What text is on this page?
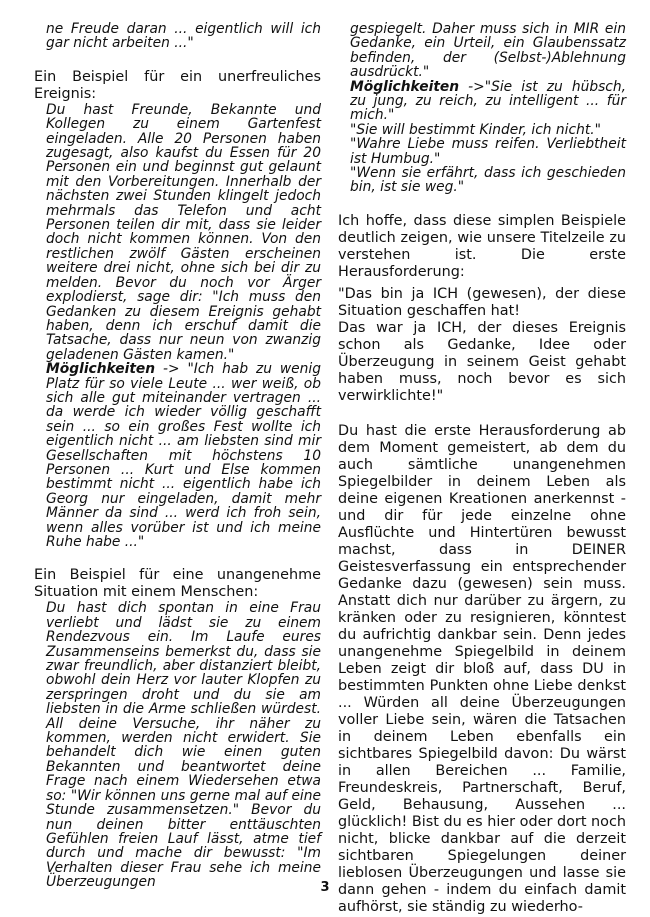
ne Freude daran ... eigentlich will ich gar nicht arbeiten ..."

Ein Beispiel für ein unerfreuliches Ereignis:

Du hast Freunde, Bekannte und Kollegen zu einem Gartenfest eingeladen. Alle 20 Personen haben zugesagt, also kaufst du Essen für 20 Personen ein und beginnst gut gelaunt mit den Vorbereitungen. Innerhalb der nächsten zwei Stunden klingelt jedoch mehrmals das Telefon und acht Personen teilen dir mit, dass sie leider doch nicht kommen können. Von den restlichen zwölf Gästen erscheinen weitere drei nicht, ohne sich bei dir zu melden. Bevor du noch vor Ärger explodierst, sage dir: "Ich muss den Gedanken zu diesem Ereignis gehabt haben, denn ich erschuf damit die Tatsache, dass nur neun von zwanzig geladenen Gästen kamen."

Möglichkeiten -> "Ich hab zu wenig Platz für so viele Leute ... wer weiß, ob sich alle gut miteinander vertragen ... da werde ich wieder völlig geschafft sein ... so ein großes Fest wollte ich eigentlich nicht ... am liebsten sind mir Gesellschaften mit höchstens 10 Personen ... Kurt und Else kommen bestimmt nicht ... eigentlich habe ich Georg nur eingeladen, damit mehr Männer da sind ... werd ich froh sein, wenn alles vorüber ist und ich meine Ruhe habe ..."

Ein Beispiel für eine unangenehme Situation mit einem Menschen:

Du hast dich spontan in eine Frau verliebt und lädst sie zu einem Rendezvous ein. Im Laufe eures Zusammenseins bemerkst du, dass sie zwar freundlich, aber distanziert bleibt, obwohl dein Herz vor lauter Klopfen zu zerspringen droht und du sie am liebsten in die Arme schließen würdest. All deine Versuche, ihr näher zu kommen, werden nicht erwidert. Sie behandelt dich wie einen guten Bekannten und beantwortet deine Frage nach einem Wiedersehen etwa so: "Wir können uns gerne mal auf eine Stunde zusammensetzen." Bevor du nun deinen bitter enttäuschten Gefühlen freien Lauf lässt, atme tief durch und mache dir bewusst: "Im Verhalten dieser Frau sehe ich meine Überzeugungen

gespiegelt. Daher muss sich in MIR ein Gedanke, ein Urteil, ein Glaubenssatz befinden, der (Selbst-)Ablehnung ausdrückt."

Möglichkeiten ->"Sie ist zu hübsch, zu jung, zu reich, zu intelligent ... für mich."

"Sie will bestimmt Kinder, ich nicht."

"Wahre Liebe muss reifen. Verliebtheit ist Humbug."

"Wenn sie erfährt, dass ich geschieden bin, ist sie weg."

Ich hoffe, dass diese simplen Beispiele deutlich zeigen, wie unsere Titelzeile zu verstehen ist. Die erste Herausforderung:

"Das bin ja ICH (gewesen), der diese Situation geschaffen hat!

Das war ja ICH, der dieses Ereignis schon als Gedanke, Idee oder Überzeugung in seinem Geist gehabt haben muss, noch bevor es sich verwirklichte!"

Du hast die erste Herausforderung ab dem Moment gemeistert, ab dem du auch sämtliche unangenehmen Spiegelbilder in deinem Leben als deine eigenen Kreationen anerkennst - und dir für jede einzelne ohne Ausflüchte und Hintertüren bewusst machst, dass in DEINER Geistesverfassung ein entsprechender Gedanke dazu (gewesen) sein muss. Anstatt dich nur darüber zu ärgern, zu kränken oder zu resignieren, könntest du aufrichtig dankbar sein. Denn jedes unangenehme Spiegelbild in deinem Leben zeigt dir bloß auf, dass DU in bestimmten Punkten ohne Liebe denkst ... Würden all deine Überzeugungen voller Liebe sein, wären die Tatsachen in deinem Leben ebenfalls ein sichtbares Spiegelbild davon: Du wärst in allen Bereichen ... Familie, Freundeskreis, Partnerschaft, Beruf, Geld, Behausung, Aussehen ... glücklich! Bist du es hier oder dort noch nicht, blicke dankbar auf die derzeit sichtbaren Spiegelungen deiner lieblosen Überzeugungen und lasse sie dann gehen - indem du einfach damit aufhörst, sie ständig zu wiederho-

3
